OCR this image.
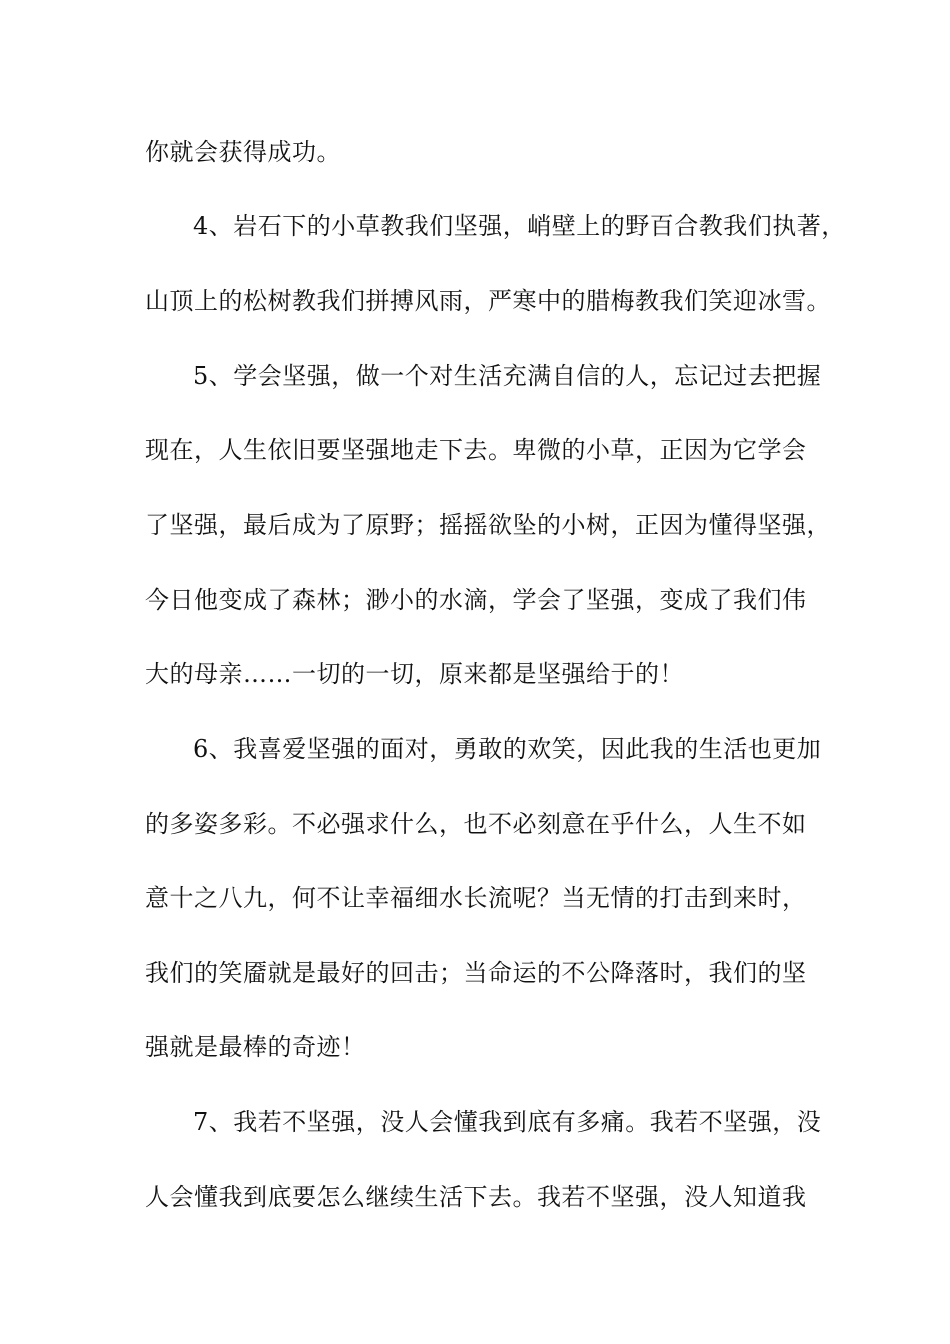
你就会获得成功。
4、岩石下的小草教我们坚强，峭壁上的野百合教我们执著，
山顶上的松树教我们拼搏风雨，严寒中的腊梅教我们笑迎冰雪。
5、学会坚强，做一个对生活充满自信的人，忘记过去把握
现在，人生依旧要坚强地走下去。卑微的小草，正因为它学会
了坚强，最后成为了原野；摇摇欲坠的小树，正因为懂得坚强，
今日他变成了森林；渺小的水滴，学会了坚强，变成了我们伟
大的母亲……一切的一切，原来都是坚强给于的！
6、我喜爱坚强的面对，勇敢的欢笑，因此我的生活也更加
的多姿多彩。不必强求什么，也不必刻意在乎什么，人生不如
意十之八九，何不让幸福细水长流呢？当无情的打击到来时，
我们的笑靥就是最好的回击；当命运的不公降落时，我们的坚
强就是最棒的奇迹！
7、我若不坚强，没人会懂我到底有多痛。我若不坚强，没
人会懂我到底要怎么继续生活下去。我若不坚强，没人知道我
